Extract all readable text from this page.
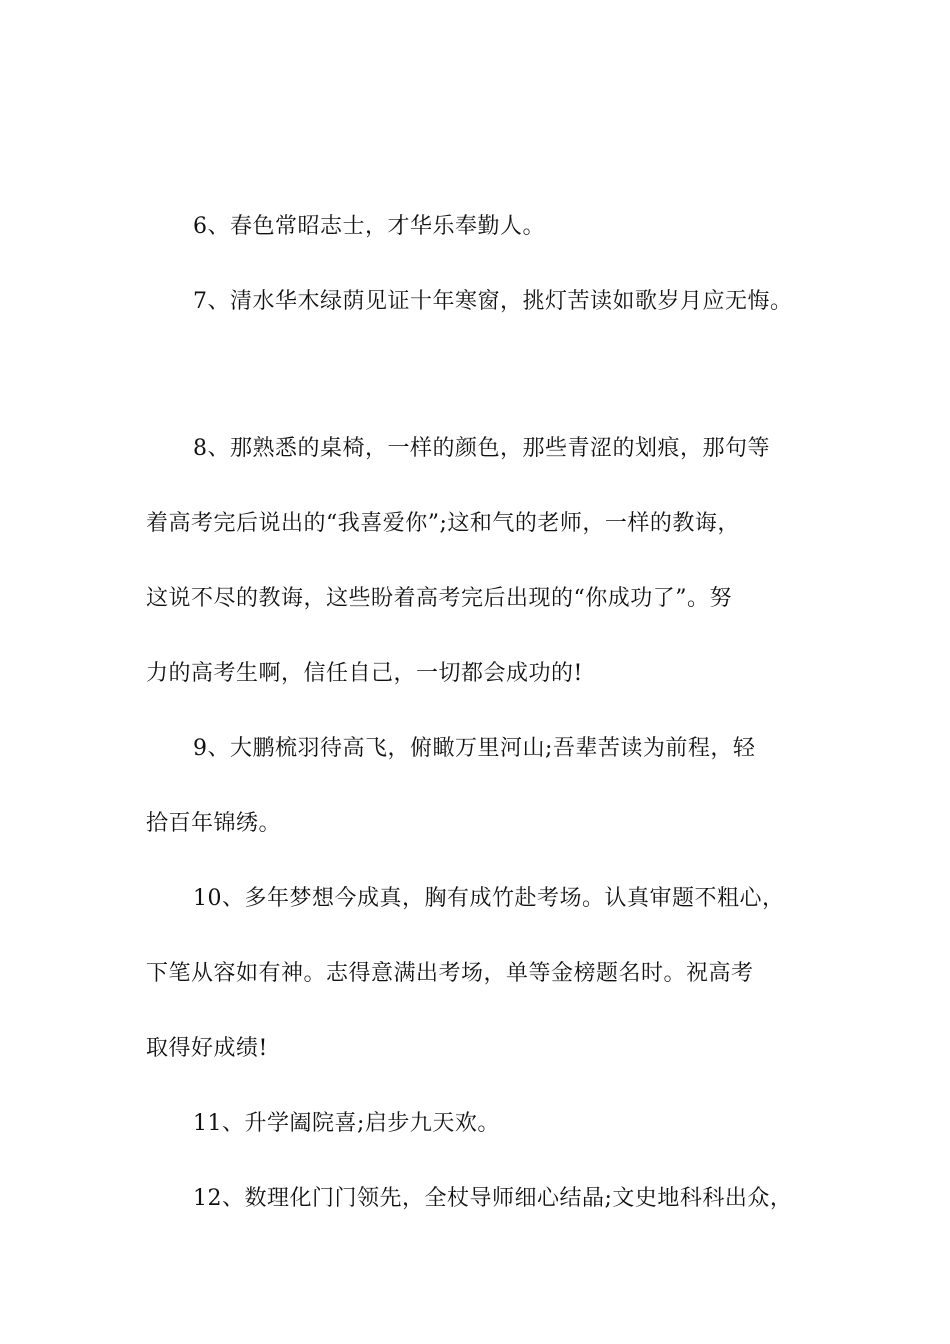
6、春色常昭志士，才华乐奉勤人。
7、清水华木绿荫见证十年寒窗，挑灯苦读如歌岁月应无悔。
8、那熟悉的桌椅，一样的颜色，那些青涩的划痕，那句等
着高考完后说出的“我喜爱你”;这和气的老师，一样的教诲，
这说不尽的教诲，这些盼着高考完后出现的“你成功了”。努
力的高考生啊，信任自己，一切都会成功的!
9、大鹏梳羽待高飞，俯瞰万里河山;吾辈苦读为前程，轻
拾百年锦绣。
10、多年梦想今成真，胸有成竹赴考场。认真审题不粗心，
下笔从容如有神。志得意满出考场，单等金榜题名时。祝高考
取得好成绩!
11、升学阖院喜;启步九天欢。
12、数理化门门领先，全杖导师细心结晶;文史地科科出众，
